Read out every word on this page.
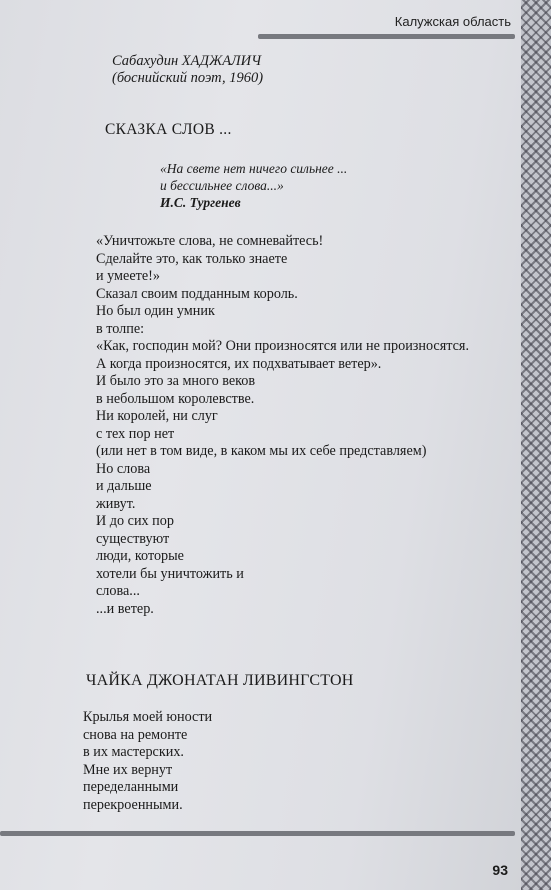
Калужская область
Сабахудин ХАДЖАЛИЧ
(боснийский поэт, 1960)
СКАЗКА СЛОВ ...
«На свете нет ничего сильнее ...
и бессильнее слова...»
И.С. Тургенев
«Уничтожьте слова, не сомневайтесь!
Сделайте это, как только знаете
и умеете!»
Сказал своим подданным король.
Но был один умник
в толпе:
«Как, господин мой? Они произносятся или не произносятся.
А когда произносятся, их подхватывает ветер».
И было это за много веков
в небольшом королевстве.
Ни королей, ни слуг
с тех пор нет
(или нет в том виде, в каком мы их себе представляем)
Но слова
и дальше
живут.
И до сих пор
существуют
люди, которые
хотели бы уничтожить и
слова...
...и ветер.
ЧАЙКА ДЖОНАТАН ЛИВИНГСТОН
Крылья моей юности
снова на ремонте
в их мастерских.
Мне их вернут
переделанными
перекроенными.
93
